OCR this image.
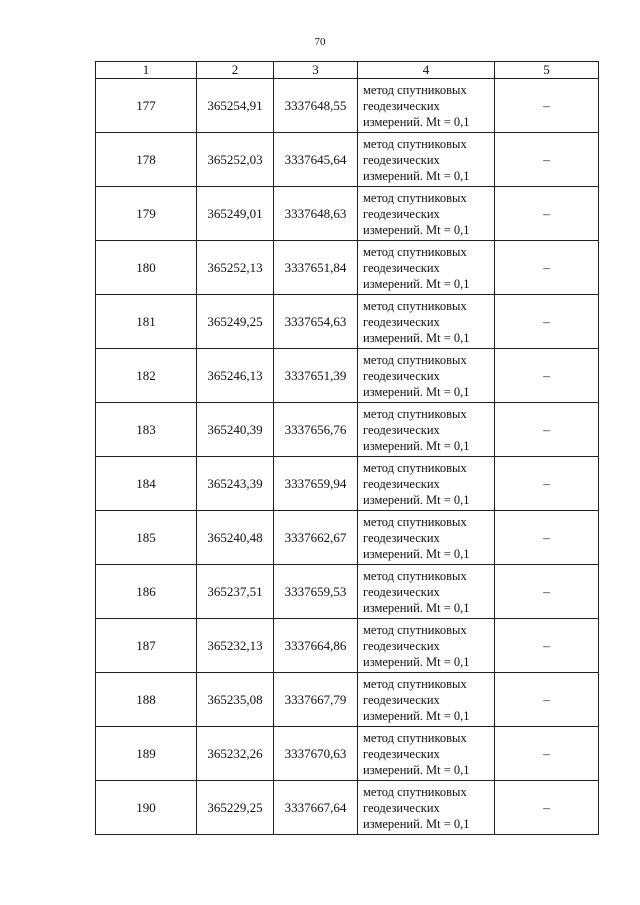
70
1	2	3	4	5
177	365254,91	3337648,55	метод спутниковых
геодезических
измерений. Mt = 0,1	–
178	365252,03	3337645,64	метод спутниковых
геодезических
измерений. Mt = 0,1	–
179	365249,01	3337648,63	метод спутниковых
геодезических
измерений. Mt = 0,1	–
180	365252,13	3337651,84	метод спутниковых
геодезических
измерений. Mt = 0,1	–
181	365249,25	3337654,63	метод спутниковых
геодезических
измерений. Mt = 0,1	–
182	365246,13	3337651,39	метод спутниковых
геодезических
измерений. Mt = 0,1	–
183	365240,39	3337656,76	метод спутниковых
геодезических
измерений. Mt = 0,1	–
184	365243,39	3337659,94	метод спутниковых
геодезических
измерений. Mt = 0,1	–
185	365240,48	3337662,67	метод спутниковых
геодезических
измерений. Mt = 0,1	–
186	365237,51	3337659,53	метод спутниковых
геодезических
измерений. Mt = 0,1	–
187	365232,13	3337664,86	метод спутниковых
геодезических
измерений. Mt = 0,1	–
188	365235,08	3337667,79	метод спутниковых
геодезических
измерений. Mt = 0,1	–
189	365232,26	3337670,63	метод спутниковых
геодезических
измерений. Mt = 0,1	–
190	365229,25	3337667,64	метод спутниковых
геодезических
измерений. Mt = 0,1	–
